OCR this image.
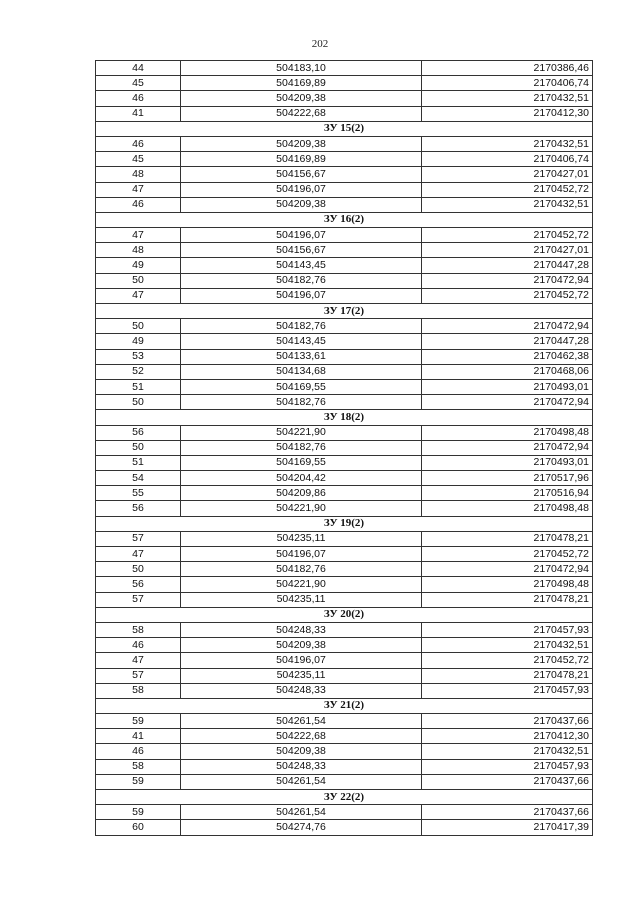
202
44	504183,10	2170386,46
45	504169,89	2170406,74
46	504209,38	2170432,51
41	504222,68	2170412,30
ЗУ 15(2)		
46	504209,38	2170432,51
45	504169,89	2170406,74
48	504156,67	2170427,01
47	504196,07	2170452,72
46	504209,38	2170432,51
ЗУ 16(2)		
47	504196,07	2170452,72
48	504156,67	2170427,01
49	504143,45	2170447,28
50	504182,76	2170472,94
47	504196,07	2170452,72
ЗУ 17(2)		
50	504182,76	2170472,94
49	504143,45	2170447,28
53	504133,61	2170462,38
52	504134,68	2170468,06
51	504169,55	2170493,01
50	504182,76	2170472,94
ЗУ 18(2)		
56	504221,90	2170498,48
50	504182,76	2170472,94
51	504169,55	2170493,01
54	504204,42	2170517,96
55	504209,86	2170516,94
56	504221,90	2170498,48
ЗУ 19(2)		
57	504235,11	2170478,21
47	504196,07	2170452,72
50	504182,76	2170472,94
56	504221,90	2170498,48
57	504235,11	2170478,21
ЗУ 20(2)		
58	504248,33	2170457,93
46	504209,38	2170432,51
47	504196,07	2170452,72
57	504235,11	2170478,21
58	504248,33	2170457,93
ЗУ 21(2)		
59	504261,54	2170437,66
41	504222,68	2170412,30
46	504209,38	2170432,51
58	504248,33	2170457,93
59	504261,54	2170437,66
ЗУ 22(2)		
59	504261,54	2170437,66
60	504274,76	2170417,39
